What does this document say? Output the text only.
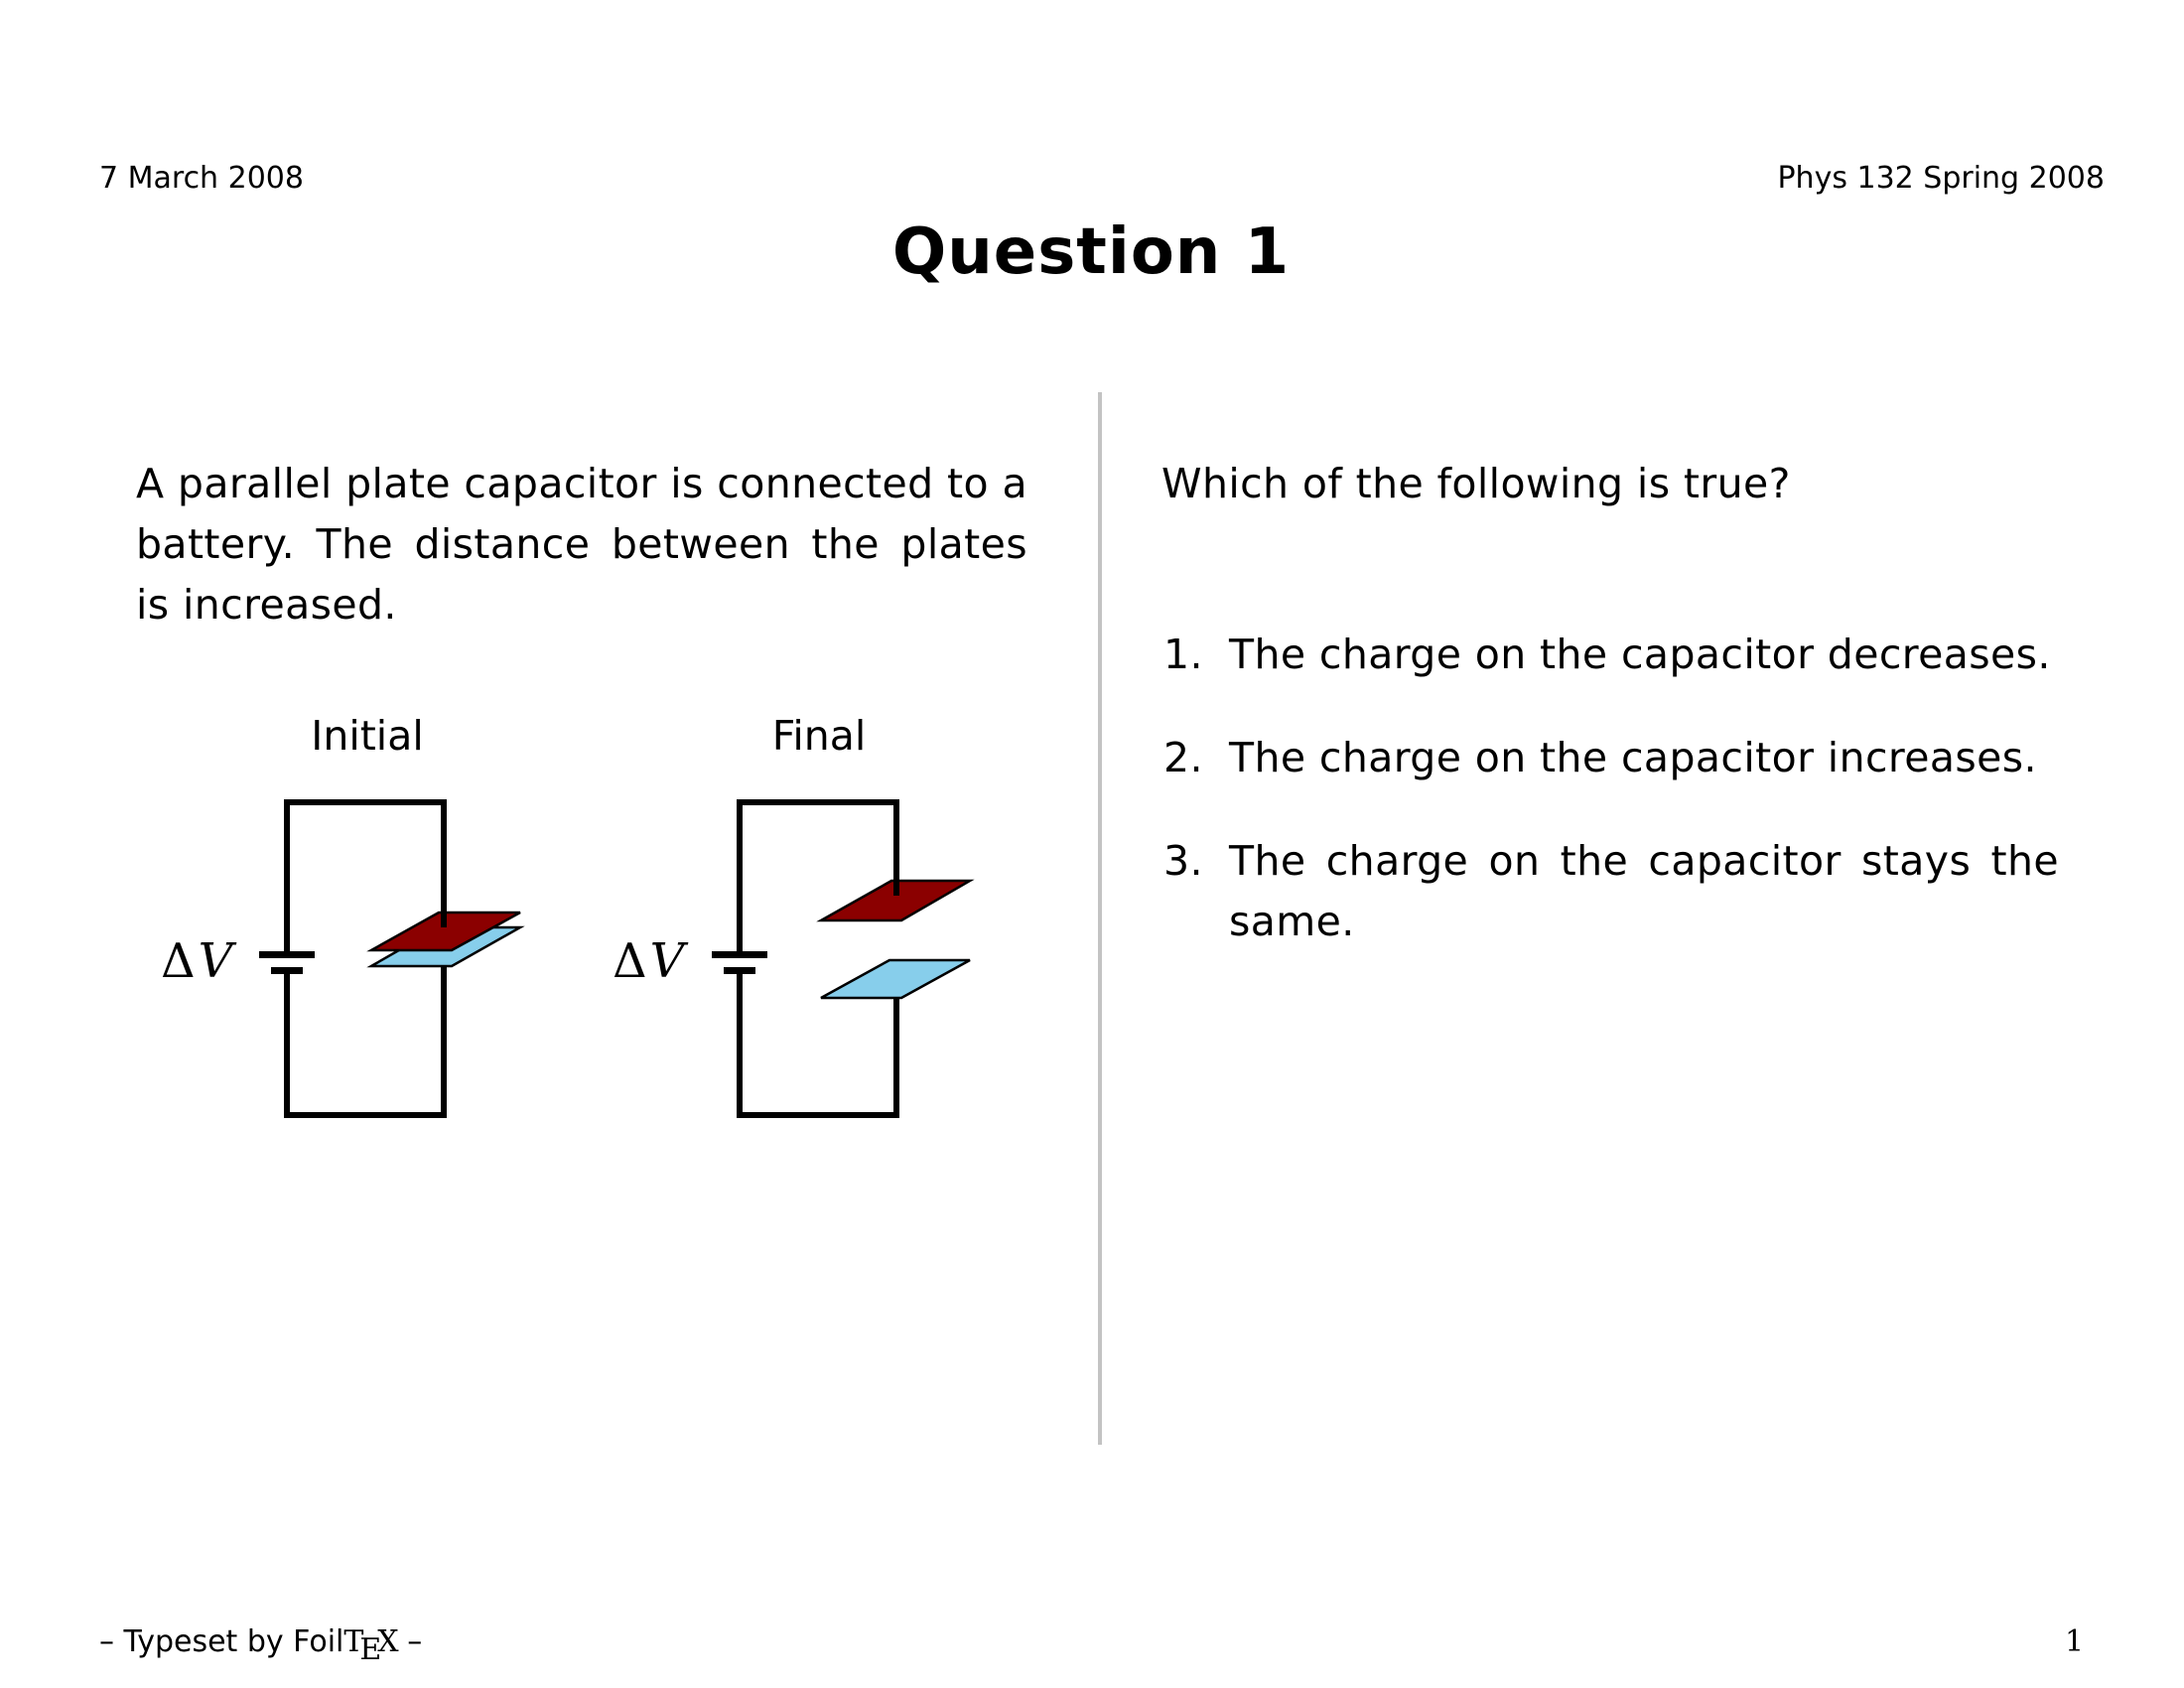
7 March 2008	Phys 132 Spring 2008
Question 1
A parallel plate capacitor is connected to a battery. The distance between the plates is increased.
Initial	Final
ΔV	ΔV
Which of the following is true?
1. The charge on the capacitor decreases.
2. The charge on the capacitor increases.
3. The charge on the capacitor stays the same.
– Typeset by FoilTEX –	1
